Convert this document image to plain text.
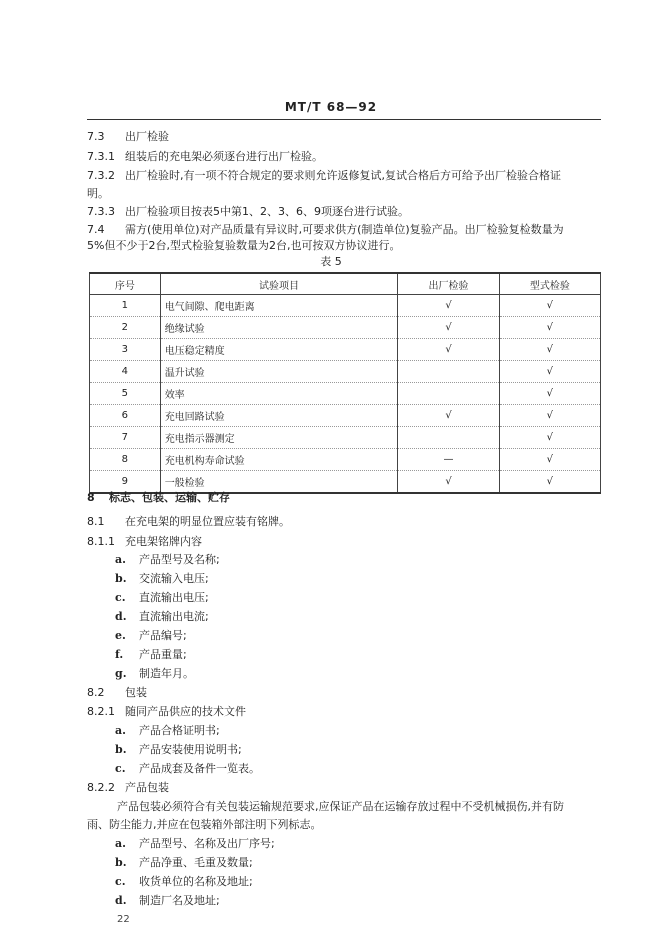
MT/T 68—92
7.3 出厂检验
7.3.1 组装后的充电架必须逐台进行出厂检验。
7.3.2 出厂检验时,有一项不符合规定的要求则允许返修复试,复试合格后方可给予出厂检验合格证
明。
7.3.3 出厂检验项目按表5中第1、2、3、6、9项逐台进行试验。
7.4 需方(使用单位)对产品质量有异议时,可要求供方(制造单位)复验产品。出厂检验复检数量为
5%但不少于2台,型式检验复验数量为2台,也可按双方协议进行。
表 5
序号	试验项目	出厂检验	型式检验
1	电气间隙、爬电距离	√	√
2	绝缘试验	√	√
3	电压稳定精度	√	√
4	温升试验		√
5	效率		√
6	充电回路试验	√	√
7	充电指示器测定		√
8	充电机构寿命试验	—	√
9	一般检验	√	√
8 标志、包装、运输、贮存
8.1 在充电架的明显位置应装有铭牌。
8.1.1 充电架铭牌内容
a. 产品型号及名称;
b. 交流输入电压;
c. 直流输出电压;
d. 直流输出电流;
e. 产品编号;
f. 产品重量;
g. 制造年月。
8.2 包装
8.2.1 随同产品供应的技术文件
a. 产品合格证明书;
b. 产品安装使用说明书;
c. 产品成套及备件一览表。
8.2.2 产品包装
产品包装必须符合有关包装运输规范要求,应保证产品在运输存放过程中不受机械损伤,并有防
雨、防尘能力,并应在包装箱外部注明下列标志。
a. 产品型号、名称及出厂序号;
b. 产品净重、毛重及数量;
c. 收货单位的名称及地址;
d. 制造厂名及地址;
22
